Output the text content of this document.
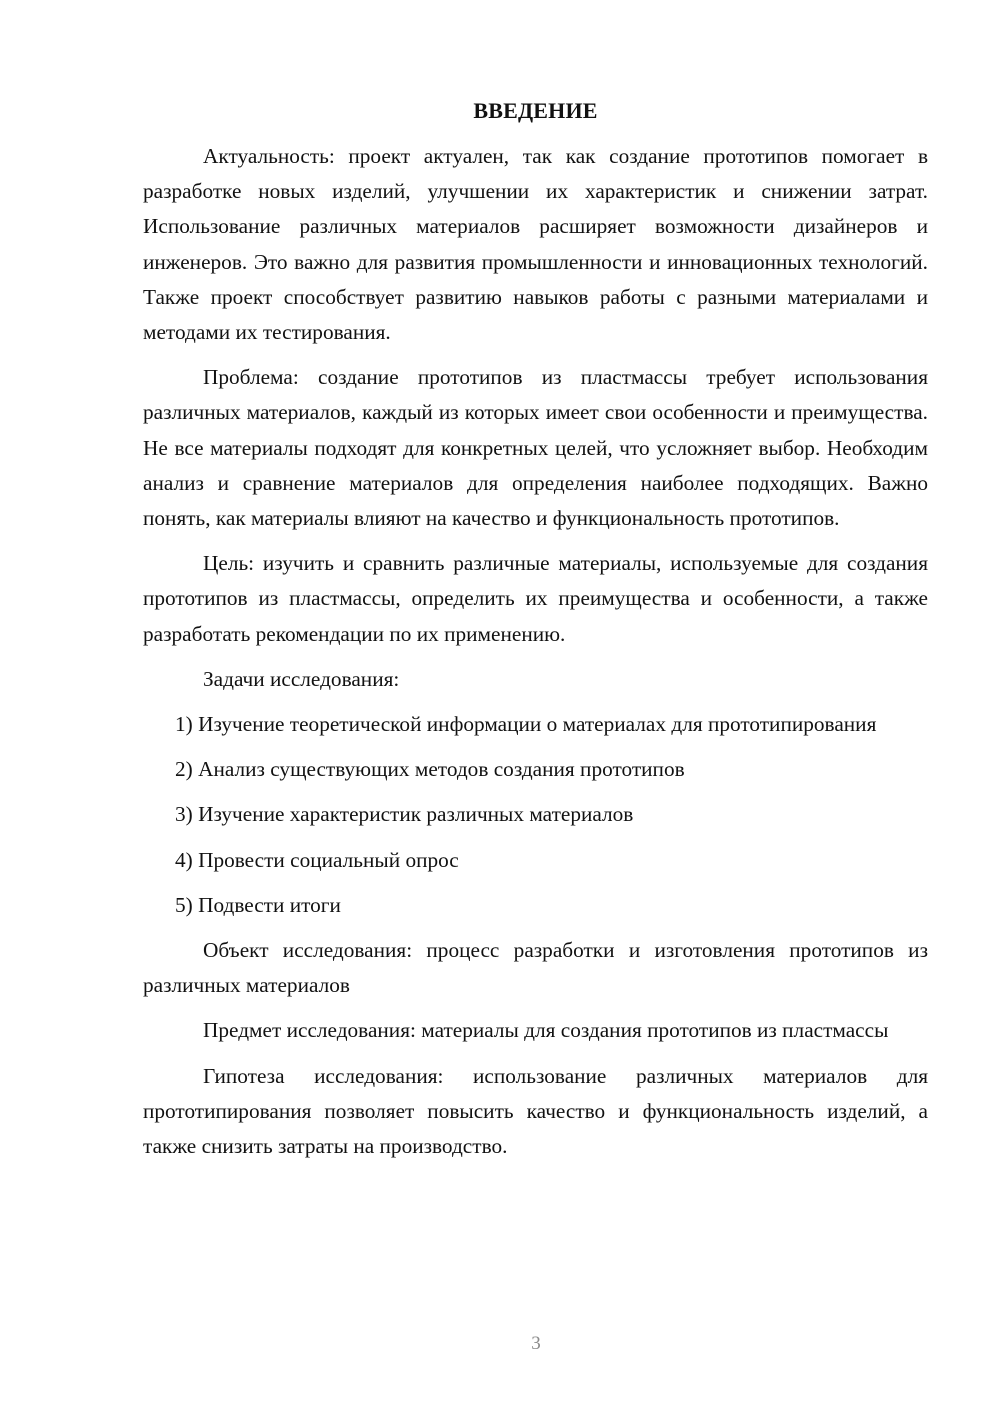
ВВЕДЕНИЕ

Актуальность: проект актуален, так как создание прототипов помогает в разработке новых изделий, улучшении их характеристик и снижении затрат. Использование различных материалов расширяет возможности дизайнеров и инженеров. Это важно для развития промышленности и инновационных технологий. Также проект способствует развитию навыков работы с разными материалами и методами их тестирования.

Проблема: создание прототипов из пластмассы требует использования различных материалов, каждый из которых имеет свои особенности и преимущества. Не все материалы подходят для конкретных целей, что усложняет выбор. Необходим анализ и сравнение материалов для определения наиболее подходящих. Важно понять, как материалы влияют на качество и функциональность прототипов.

Цель: изучить и сравнить различные материалы, используемые для создания прототипов из пластмассы, определить их преимущества и особенности, а также разработать рекомендации по их применению.

Задачи исследования:

1) Изучение теоретической информации о материалах для прототипирования

2) Анализ существующих методов создания прототипов

3) Изучение характеристик различных материалов

4) Провести социальный опрос

5) Подвести итоги

Объект исследования: процесс разработки и изготовления прототипов из различных материалов

Предмет исследования: материалы для создания прототипов из пластмассы

Гипотеза исследования: использование различных материалов для прототипирования позволяет повысить качество и функциональность изделий, а также снизить затраты на производство.

3
